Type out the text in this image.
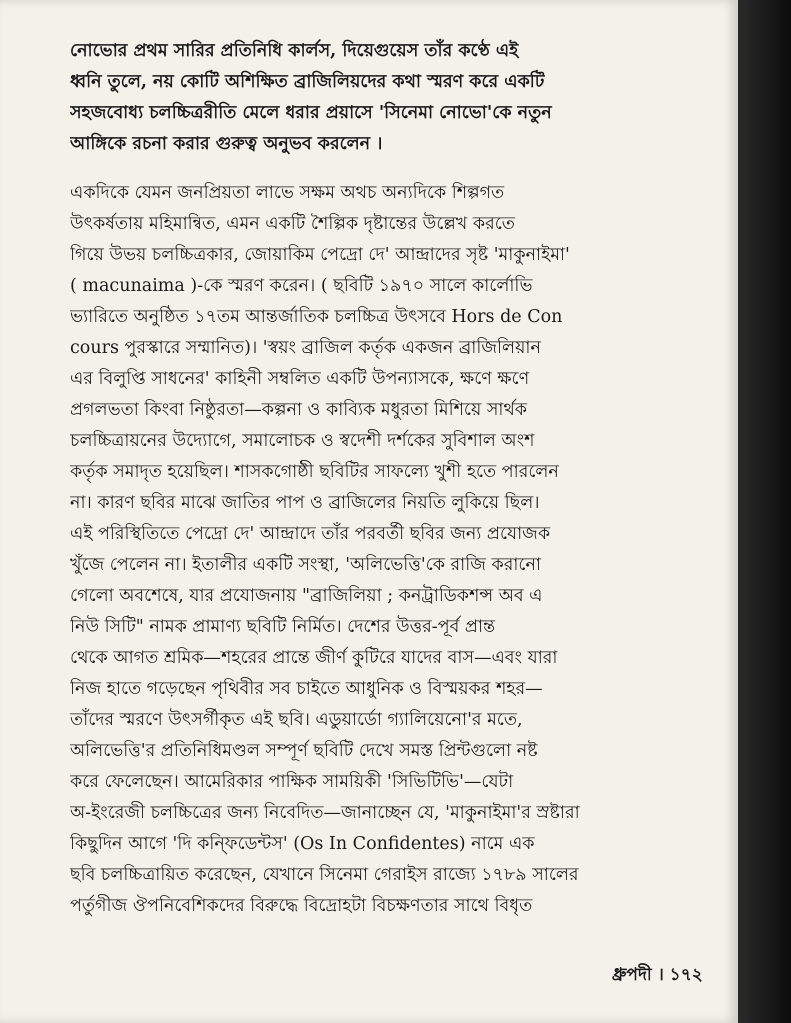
নোভোর প্রথম সারির প্রতিনিধি কার্লস, দিয়েগুয়েস তাঁর কণ্ঠে এই
ধ্বনি তুলে, নয় কোটি অশিক্ষিত ব্রাজিলিয়দের কথা স্মরণ করে একটি
সহজবোধ্য চলচ্চিত্ররীতি মেলে ধরার প্রয়াসে 'সিনেমা নোভো'কে নতুন
আঙ্গিকে রচনা করার গুরুত্ব অনুভব করলেন ।
একদিকে যেমন জনপ্রিয়তা লাভে সক্ষম অথচ অন্যদিকে শিল্পগত
উৎকর্ষতায় মহিমান্বিত, এমন একটি শৈল্পিক দৃষ্টান্তের উল্লেখ করতে
গিয়ে উভয় চলচ্চিত্রকার, জোয়াকিম পেদ্রো দে' আন্দ্রাদের সৃষ্ট 'মাকুনাইমা'
( macunaima )-কে স্মরণ করেন। ( ছবিটি ১৯৭০ সালে কার্লোভি
ভ্যারিতে অনুষ্ঠিত ১৭তম আন্তর্জাতিক চলচ্চিত্র উৎসবে Hors de Con
cours পুরস্কারে সম্মানিত)। 'স্বয়ং ব্রাজিল কর্তৃক একজন ব্রাজিলিয়ান
এর বিলুপ্তি সাধনের' কাহিনী সম্বলিত একটি উপন্যাসকে, ক্ষণে ক্ষণে
প্রগলভতা কিংবা নিষ্ঠুরতা—কল্পনা ও কাব্যিক মধুরতা মিশিয়ে সার্থক
চলচ্চিত্রায়নের উদ্যোগে, সমালোচক ও স্বদেশী দর্শকের সুবিশাল অংশ
কর্তৃক সমাদৃত হয়েছিল। শাসকগোষ্ঠী ছবিটির সাফল্যে খুশী হতে পারলেন
না। কারণ ছবির মাঝে জাতির পাপ ও ব্রাজিলের নিয়তি লুকিয়ে ছিল।
এই পরিস্থিতিতে পেদ্রো দে' আন্দ্রাদে তাঁর পরবর্তী ছবির জন্য প্রযোজক
খুঁজে পেলেন না। ইতালীর একটি সংস্থা, 'অলিভেত্তি'কে রাজি করানো
গেলো অবশেষে, যার প্রযোজনায় "ব্রাজিলিয়া ; কনট্রাডিকশন্স অব এ
নিউ সিটি" নামক প্রামাণ্য ছবিটি নির্মিত। দেশের উত্তর-পূর্ব প্রান্ত
থেকে আগত শ্রমিক—শহরের প্রান্তে জীর্ণ কুটিরে যাদের বাস—এবং যারা
নিজ হাতে গড়েছেন পৃথিবীর সব চাইতে আধুনিক ও বিস্ময়কর শহর—
তাঁদের স্মরণে উৎসর্গীকৃত এই ছবি। এডুয়ার্ডো গ্যালিয়েনো'র মতে,
অলিভেত্তি'র প্রতিনিধিমণ্ডল সম্পূর্ণ ছবিটি দেখে সমস্ত প্রিন্টগুলো নষ্ট
করে ফেলেছেন। আমেরিকার পাক্ষিক সাময়িকী 'সিভিটিভি'—যেটা
অ-ইংরেজী চলচ্চিত্রের জন্য নিবেদিত—জানাচ্ছেন যে, 'মাকুনাইমা'র স্রষ্টারা
কিছুদিন আগে 'দি কন্ফিডেন্টস' (Os In Confidentes) নামে এক
ছবি চলচ্চিত্রায়িত করেছেন, যেখানে সিনেমা গেরাইস রাজ্যে ১৭৮৯ সালের
পর্তুগীজ ঔপনিবেশিকদের বিরুদ্ধে বিদ্রোহটা বিচক্ষণতার সাথে বিধৃত
ধ্রুপদী । ১৭২
